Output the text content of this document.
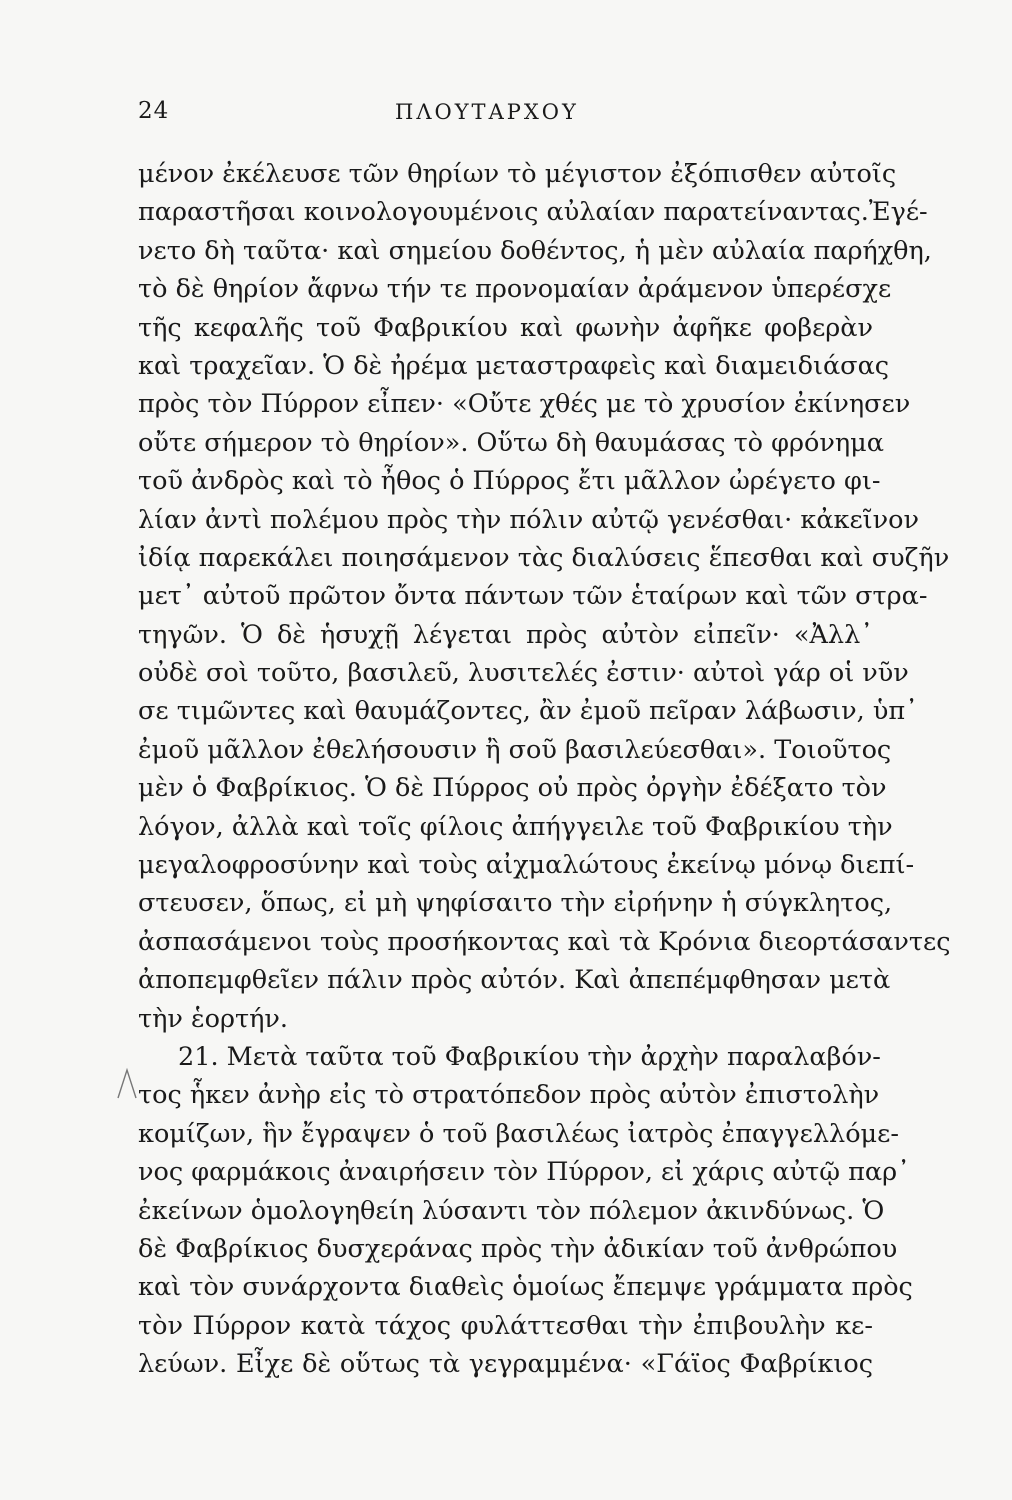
24	ΠΛΟΥΤΑΡΧΟΥ
μένον ἐκέλευσε τῶν θηρίων τὸ μέγιστον ἐξόπισθεν αὐτοῖς
παραστῆσαι κοινολογουμένοις αὐλαίαν παρατείναντας.Ἐγέ-
νετο δὴ ταῦτα· καὶ σημείου δοθέντος, ἡ μὲν αὐλαία παρήχθη,
τὸ δὲ θηρίον ἄφνω τήν τε προνομαίαν ἀράμενον ὑπερέσχε
τῆς κεφαλῆς τοῦ Φαβρικίου καὶ φωνὴν ἀφῆκε φοβερὰν
καὶ τραχεῖαν. Ὁ δὲ ἠρέμα μεταστραφεὶς καὶ διαμειδιάσας
πρὸς τὸν Πύρρον εἶπεν· «Οὔτε χθές με τὸ χρυσίον ἐκίνησεν
οὔτε σήμερον τὸ θηρίον». Οὕτω δὴ θαυμάσας τὸ φρόνημα
τοῦ ἀνδρὸς καὶ τὸ ἦθος ὁ Πύρρος ἔτι μᾶλλον ὠρέγετο φι-
λίαν ἀντὶ πολέμου πρὸς τὴν πόλιν αὐτῷ γενέσθαι· κἀκεῖνον
ἰδίᾳ παρεκάλει ποιησάμενον τὰς διαλύσεις ἕπεσθαι καὶ συζῆν
μετ᾽ αὐτοῦ πρῶτον ὄντα πάντων τῶν ἑταίρων καὶ τῶν στρα-
τηγῶν. Ὁ δὲ ἡσυχῇ λέγεται πρὸς αὐτὸν εἰπεῖν· «Ἀλλ᾽
οὐδὲ σοὶ τοῦτο, βασιλεῦ, λυσιτελές ἐστιν· αὐτοὶ γάρ οἱ νῦν
σε τιμῶντες καὶ θαυμάζοντες, ἂν ἐμοῦ πεῖραν λάβωσιν, ὑπ᾽
ἐμοῦ μᾶλλον ἐθελήσουσιν ἢ σοῦ βασιλεύεσθαι». Τοιοῦτος
μὲν ὁ Φαβρίκιος. Ὁ δὲ Πύρρος οὐ πρὸς ὀργὴν ἐδέξατο τὸν
λόγον, ἀλλὰ καὶ τοῖς φίλοις ἀπήγγειλε τοῦ Φαβρικίου τὴν
μεγαλοφροσύνην καὶ τοὺς αἰχμαλώτους ἐκείνῳ μόνῳ διεπί-
στευσεν, ὅπως, εἰ μὴ ψηφίσαιτο τὴν εἰρήνην ἡ σύγκλητος,
ἀσπασάμενοι τοὺς προσήκοντας καὶ τὰ Κρόνια διεορτάσαντες
ἀποπεμφθεῖεν πάλιν πρὸς αὐτόν. Καὶ ἀπεπέμφθησαν μετὰ
τὴν ἑορτήν.
21. Μετὰ ταῦτα τοῦ Φαβρικίου τὴν ἀρχὴν παραλαβόν-
τος ἧκεν ἀνὴρ εἰς τὸ στρατόπεδον πρὸς αὐτὸν ἐπιστολὴν
κομίζων, ἣν ἔγραψεν ὁ τοῦ βασιλέως ἰατρὸς ἐπαγγελλόμε-
νος φαρμάκοις ἀναιρήσειν τὸν Πύρρον, εἰ χάρις αὐτῷ παρ᾽
ἐκείνων ὁμολογηθείη λύσαντι τὸν πόλεμον ἀκινδύνως. Ὁ
δὲ Φαβρίκιος δυσχεράνας πρὸς τὴν ἀδικίαν τοῦ ἀνθρώπου
καὶ τὸν συνάρχοντα διαθεὶς ὁμοίως ἔπεμψε γράμματα πρὸς
τὸν Πύρρον κατὰ τάχος φυλάττεσθαι τὴν ἐπιβουλὴν κε-
λεύων. Εἶχε δὲ οὕτως τὰ γεγραμμένα· «Γάϊος Φαβρίκιος
